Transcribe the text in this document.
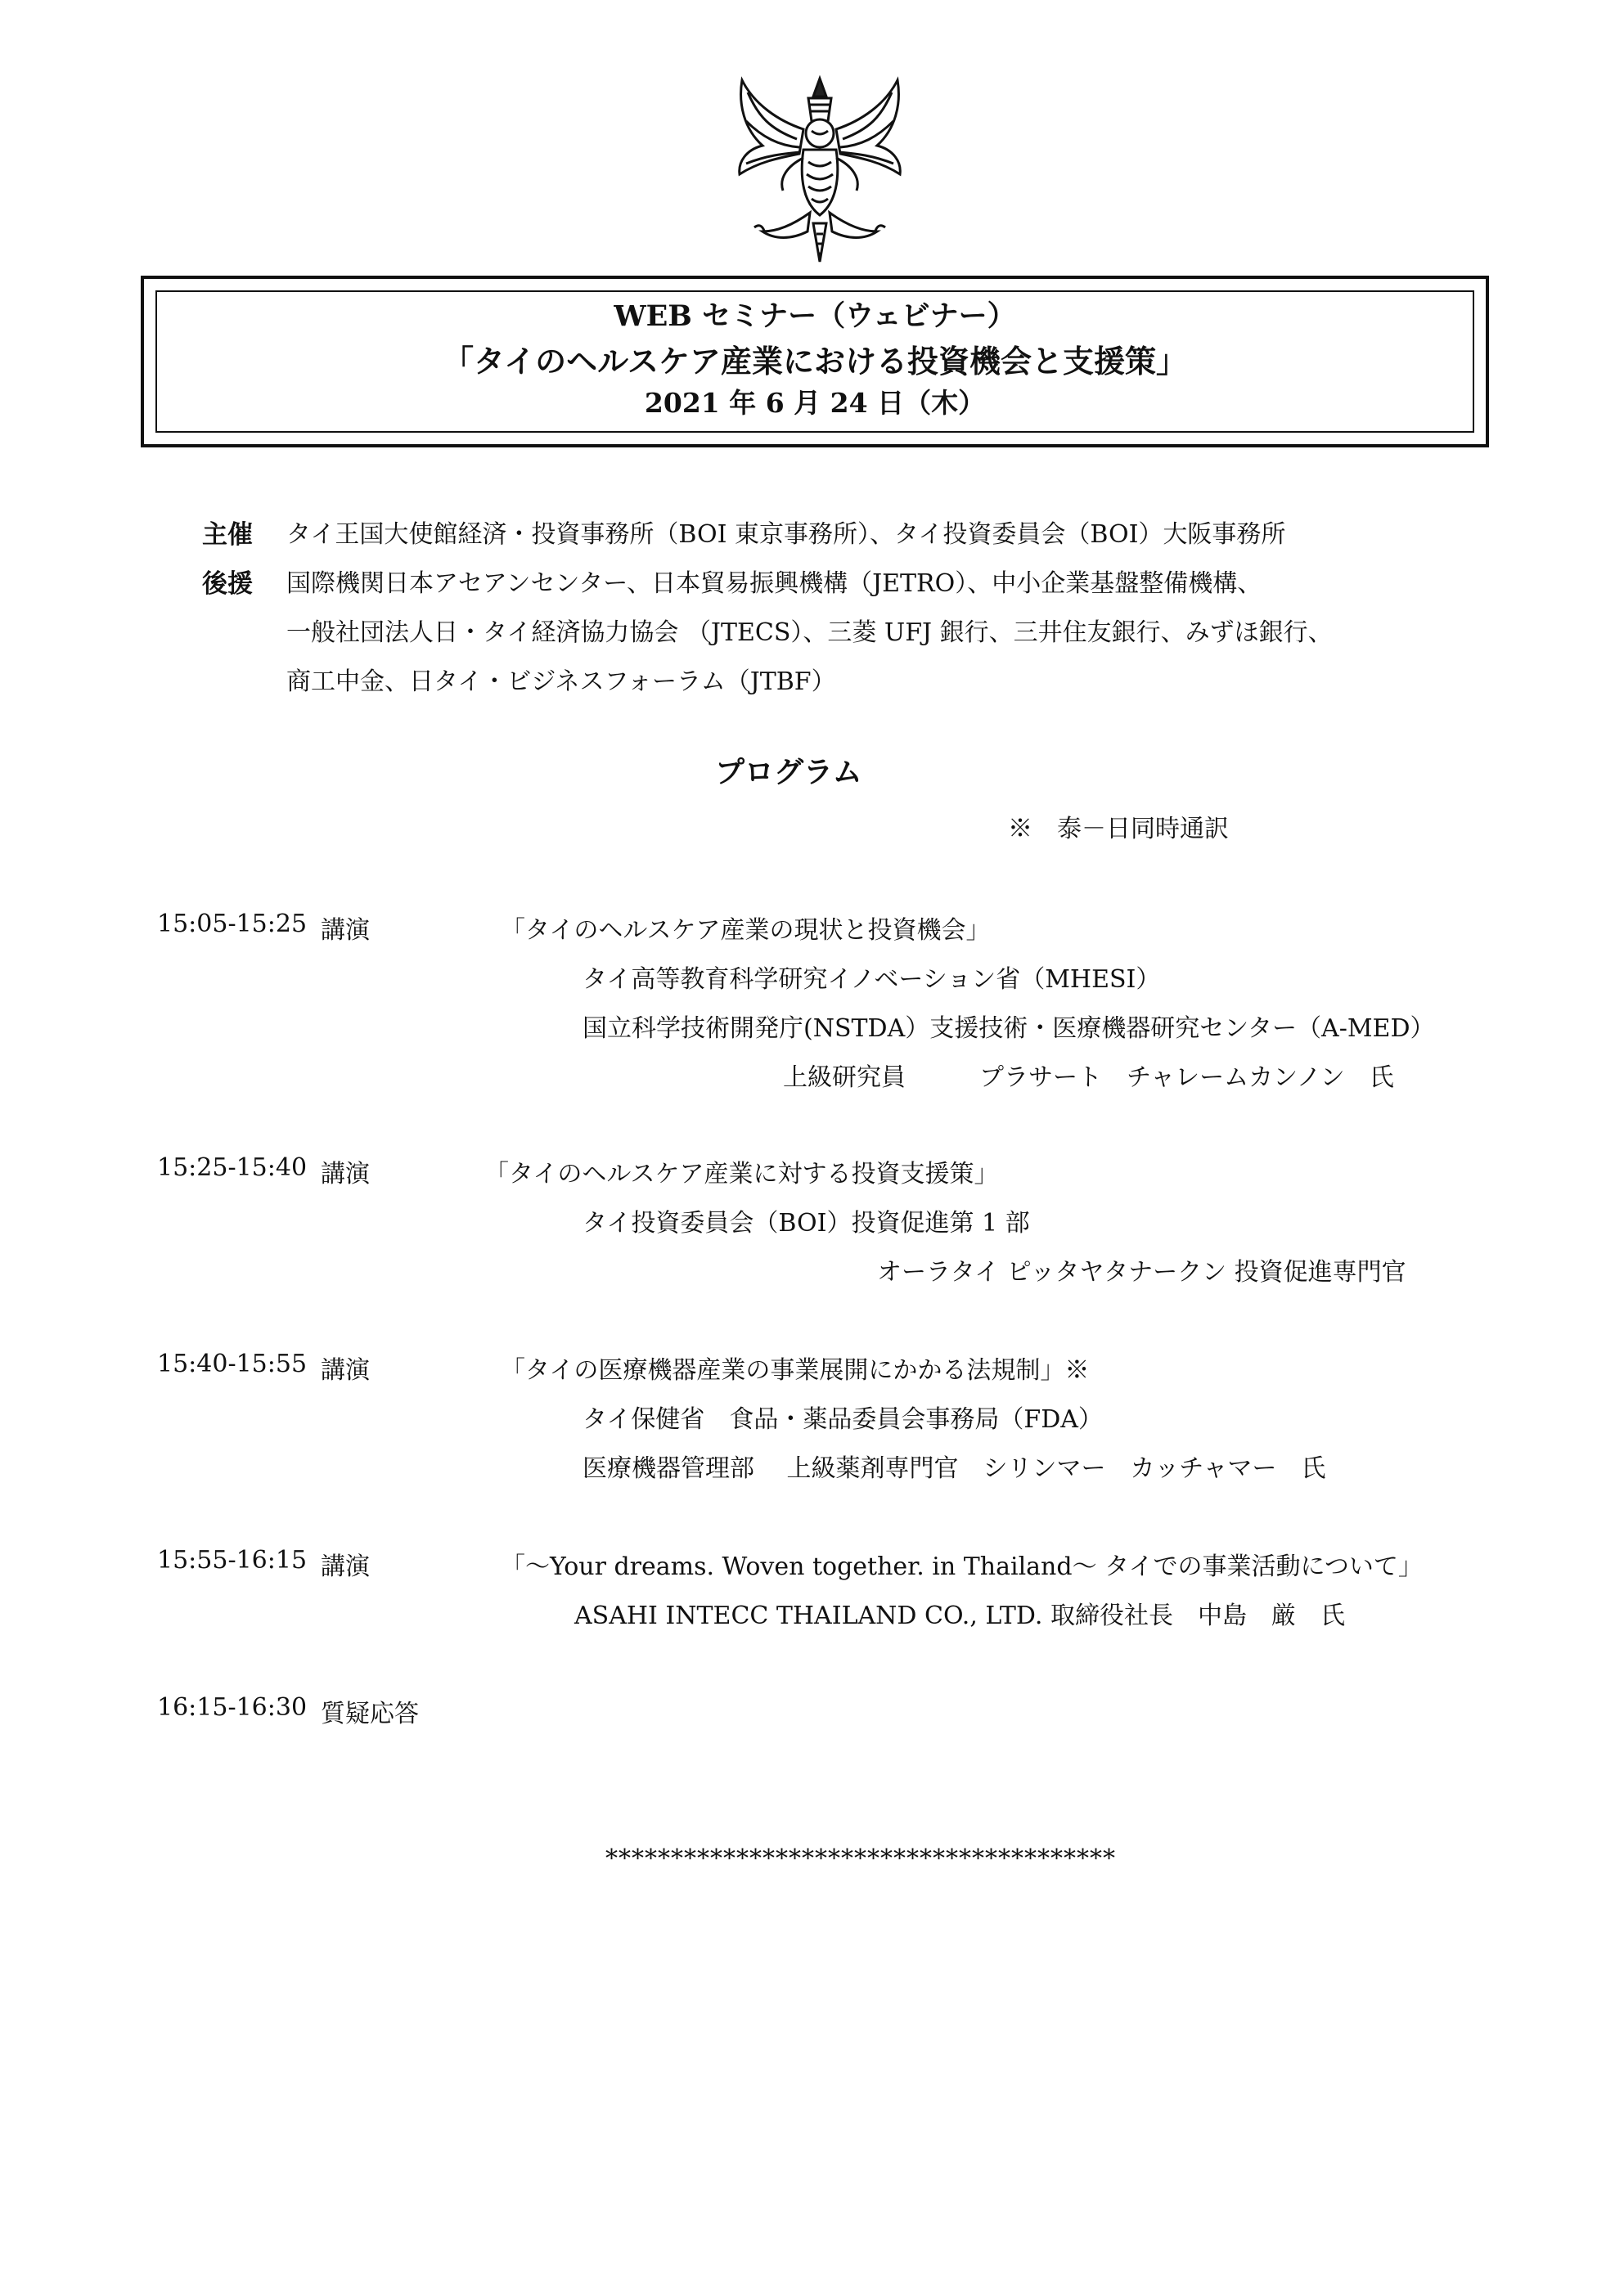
WEB セミナー（ウェビナー）
「タイのヘルスケア産業における投資機会と支援策」
2021 年 6 月 24 日（木）
主催 タイ王国大使館経済・投資事務所（BOI 東京事務所）、タイ投資委員会（BOI）大阪事務所
後援 国際機関日本アセアンセンター、日本貿易振興機構（JETRO）、中小企業基盤整備機構、
一般社団法人日・タイ経済協力協会 （JTECS）、三菱 UFJ 銀行、三井住友銀行、みずほ銀行、
商工中金、日タイ・ビジネスフォーラム（JTBF）
プログラム
※　泰－日同時通訳
15:05-15:25 講演	「タイのヘルスケア産業の現状と投資機会」
タイ高等教育科学研究イノベーション省（MHESI）
国立科学技術開発庁(NSTDA）支援技術・医療機器研究センター（A-MED）
上級研究員　　　プラサート　チャレームカンノン　氏
15:25-15:40 講演	「タイのヘルスケア産業に対する投資支援策」
タイ投資委員会（BOI）投資促進第 1 部
オーラタイ ピッタヤタナークン 投資促進専門官
15:40-15:55 講演	「タイの医療機器産業の事業展開にかかる法規制」※
タイ保健省　食品・薬品委員会事務局（FDA）
医療機器管理部　 上級薬剤専門官　シリンマー　カッチャマー　氏
15:55-16:15 講演	「～Your dreams. Woven together. in Thailand～ タイでの事業活動について」
ASAHI INTECC THAILAND CO., LTD. 取締役社長　中島　厳　氏
16:15-16:30 質疑応答
***************************************
